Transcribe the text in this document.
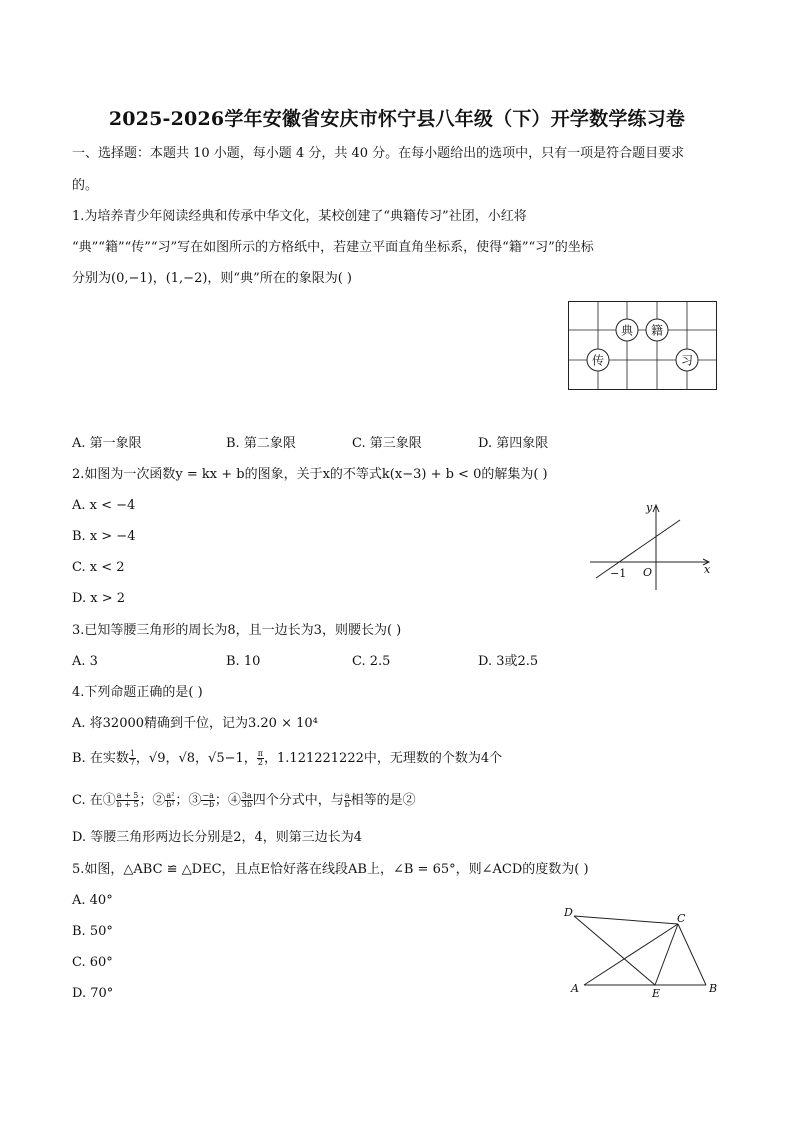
2025-2026学年安徽省安庆市怀宁县八年级（下）开学数学练习卷
一、选择题：本题共 10 小题，每小题 4 分，共 40 分。在每小题给出的选项中，只有一项是符合题目要求
的。
1.为培养青少年阅读经典和传承中华文化，某校创建了“典籍传习”社团，小红将
“典”“籍”“传”“习”写在如图所示的方格纸中，若建立平面直角坐标系，使得“籍”“习”的坐标
分别为(0,−1)，(1,−2)，则“典”所在的象限为( )
典 籍
传	习
A. 第一象限	B. 第二象限	C. 第三象限	D. 第四象限
2.如图为一次函数y = kx + b的图象，关于x的不等式k(x−3) + b < 0的解集为( )
A. x < −4
B. x > −4
C. x < 2
D. x > 2
y
x
O
−1
3.已知等腰三角形的周长为8，且一边长为3，则腰长为( )
A. 3	B. 10	C. 2.5	D. 3或2.5
4.下列命题正确的是( )
A. 将32000精确到千位，记为3.20 × 10⁴
B. 在实数 $\frac{1}{7}$ ，√9，√8，√5−1， $\frac{\pi}{2}$ ，1.121221222中，无理数的个数为4个
C. 在① $\frac{a + 5}{b + 5}$ ；② $\frac{\text{a²}}{\text{b²}}$ ；③ $\frac{-a}{-b}$ ；④ $\frac{3a}{3b}$ 四个分式中，与 $\frac{a}{b}$ 相等的是②
D. 等腰三角形两边长分别是2，4，则第三边长为4
5.如图，△ABC ≌ △DEC，且点E恰好落在线段AB上，∠B = 65°，则∠ACD的度数为( )
A. 40°
B. 50°
C. 60°
D. 70°
D	C
A	E	B
